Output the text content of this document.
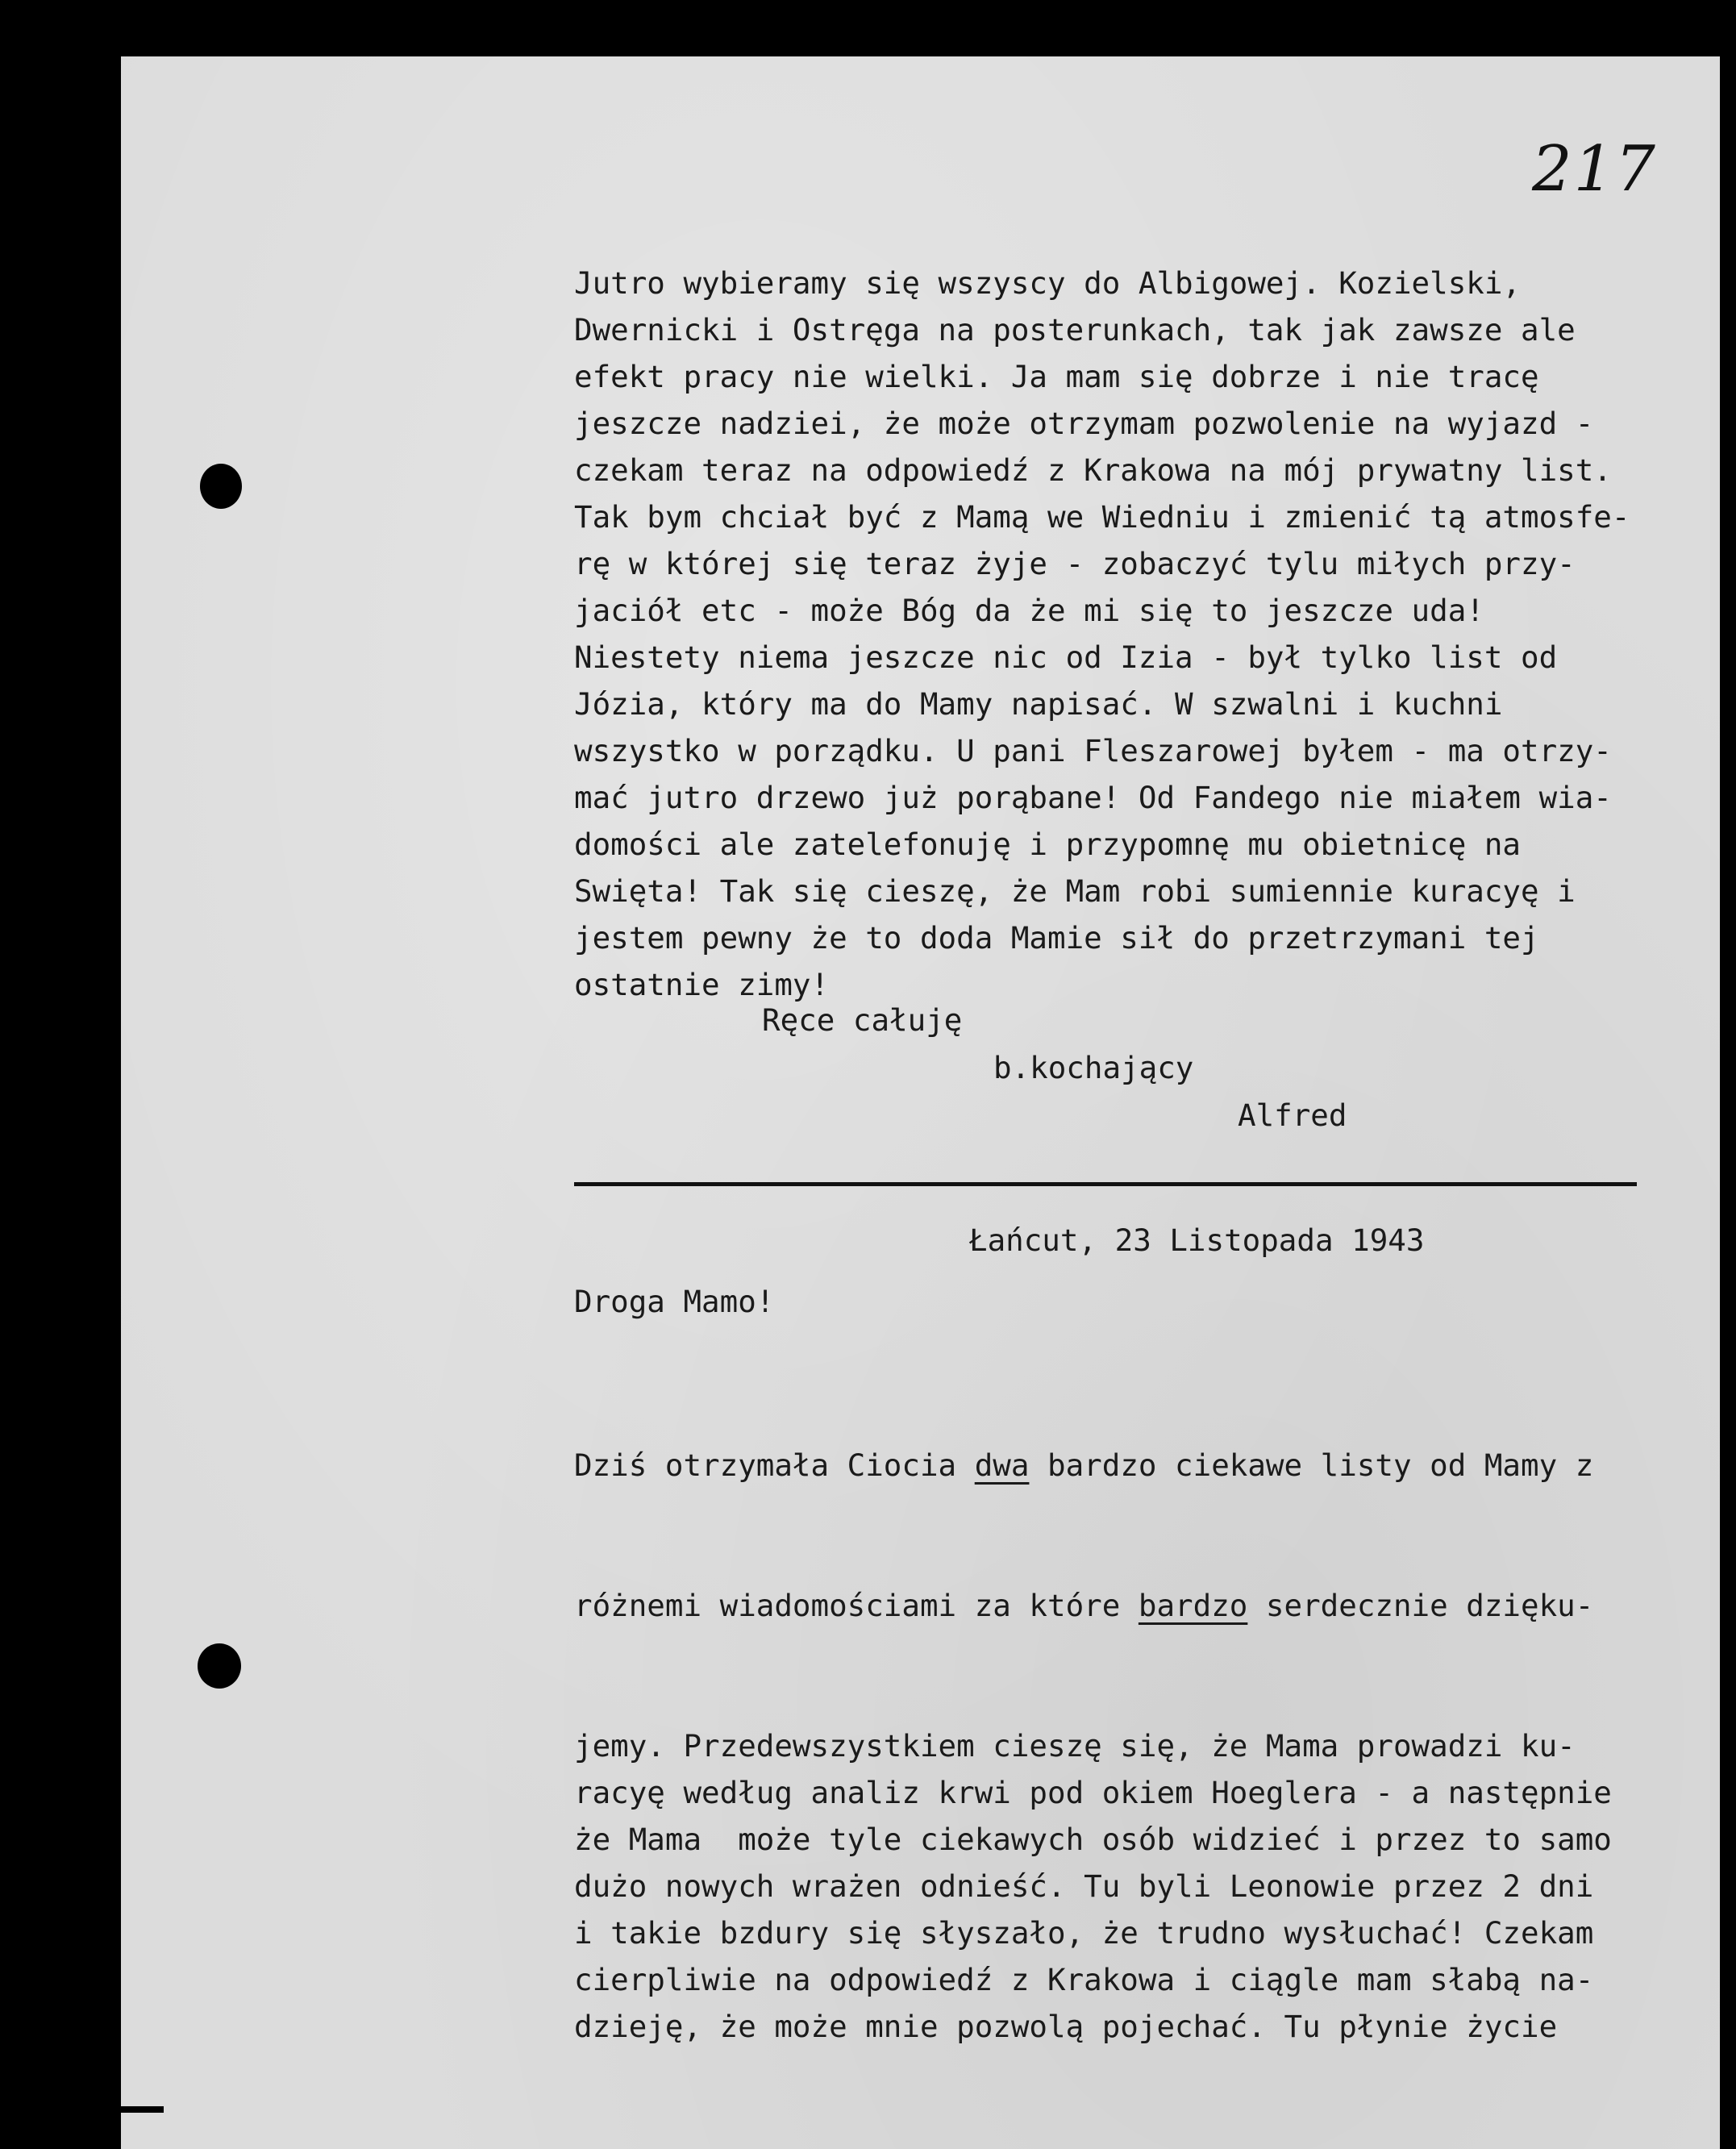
217
Jutro wybieramy się wszyscy do Albigowej. Kozielski,
Dwernicki i Ostręga na posterunkach, tak jak zawsze ale
efekt pracy nie wielki. Ja mam się dobrze i nie tracę
jeszcze nadziei, że może otrzymam pozwolenie na wyjazd -
czekam teraz na odpowiedź z Krakowa na mój prywatny list.
Tak bym chciał być z Mamą we Wiedniu i zmienić tą atmosfe-
rę w której się teraz żyje - zobaczyć tylu miłych przy-
jaciół etc - może Bóg da że mi się to jeszcze uda!
Niestety niema jeszcze nic od Izia - był tylko list od
Józia, który ma do Mamy napisać. W szwalni i kuchni
wszystko w porządku. U pani Fleszarowej byłem - ma otrzy-
mać jutro drzewo już porąbane! Od Fandego nie miałem wia-
domości ale zatelefonuję i przypomnę mu obietnicę na
Swięta! Tak się cieszę, że Mam robi sumiennie kuracyę i
jestem pewny że to doda Mamie sił do przetrzymani tej
ostatnie zimy!
Ręce całuję
b.kochający
Alfred
Łańcut, 23 Listopada 1943
Droga Mamo!

Dziś otrzymała Ciocia dwa bardzo ciekawe listy od Mamy z

różnemi wiadomościami za które bardzo serdecznie dzięku-

jemy. Przedewszystkiem cieszę się, że Mama prowadzi ku-
racyę według analiz krwi pod okiem Hoeglera - a następnie
że Mama  może tyle ciekawych osób widzieć i przez to samo
dużo nowych wrażen odnieść. Tu byli Leonowie przez 2 dni
i takie bzdury się słyszało, że trudno wysłuchać! Czekam
cierpliwie na odpowiedź z Krakowa i ciągle mam słabą na-
dzieję, że może mnie pozwolą pojechać. Tu płynie życie
